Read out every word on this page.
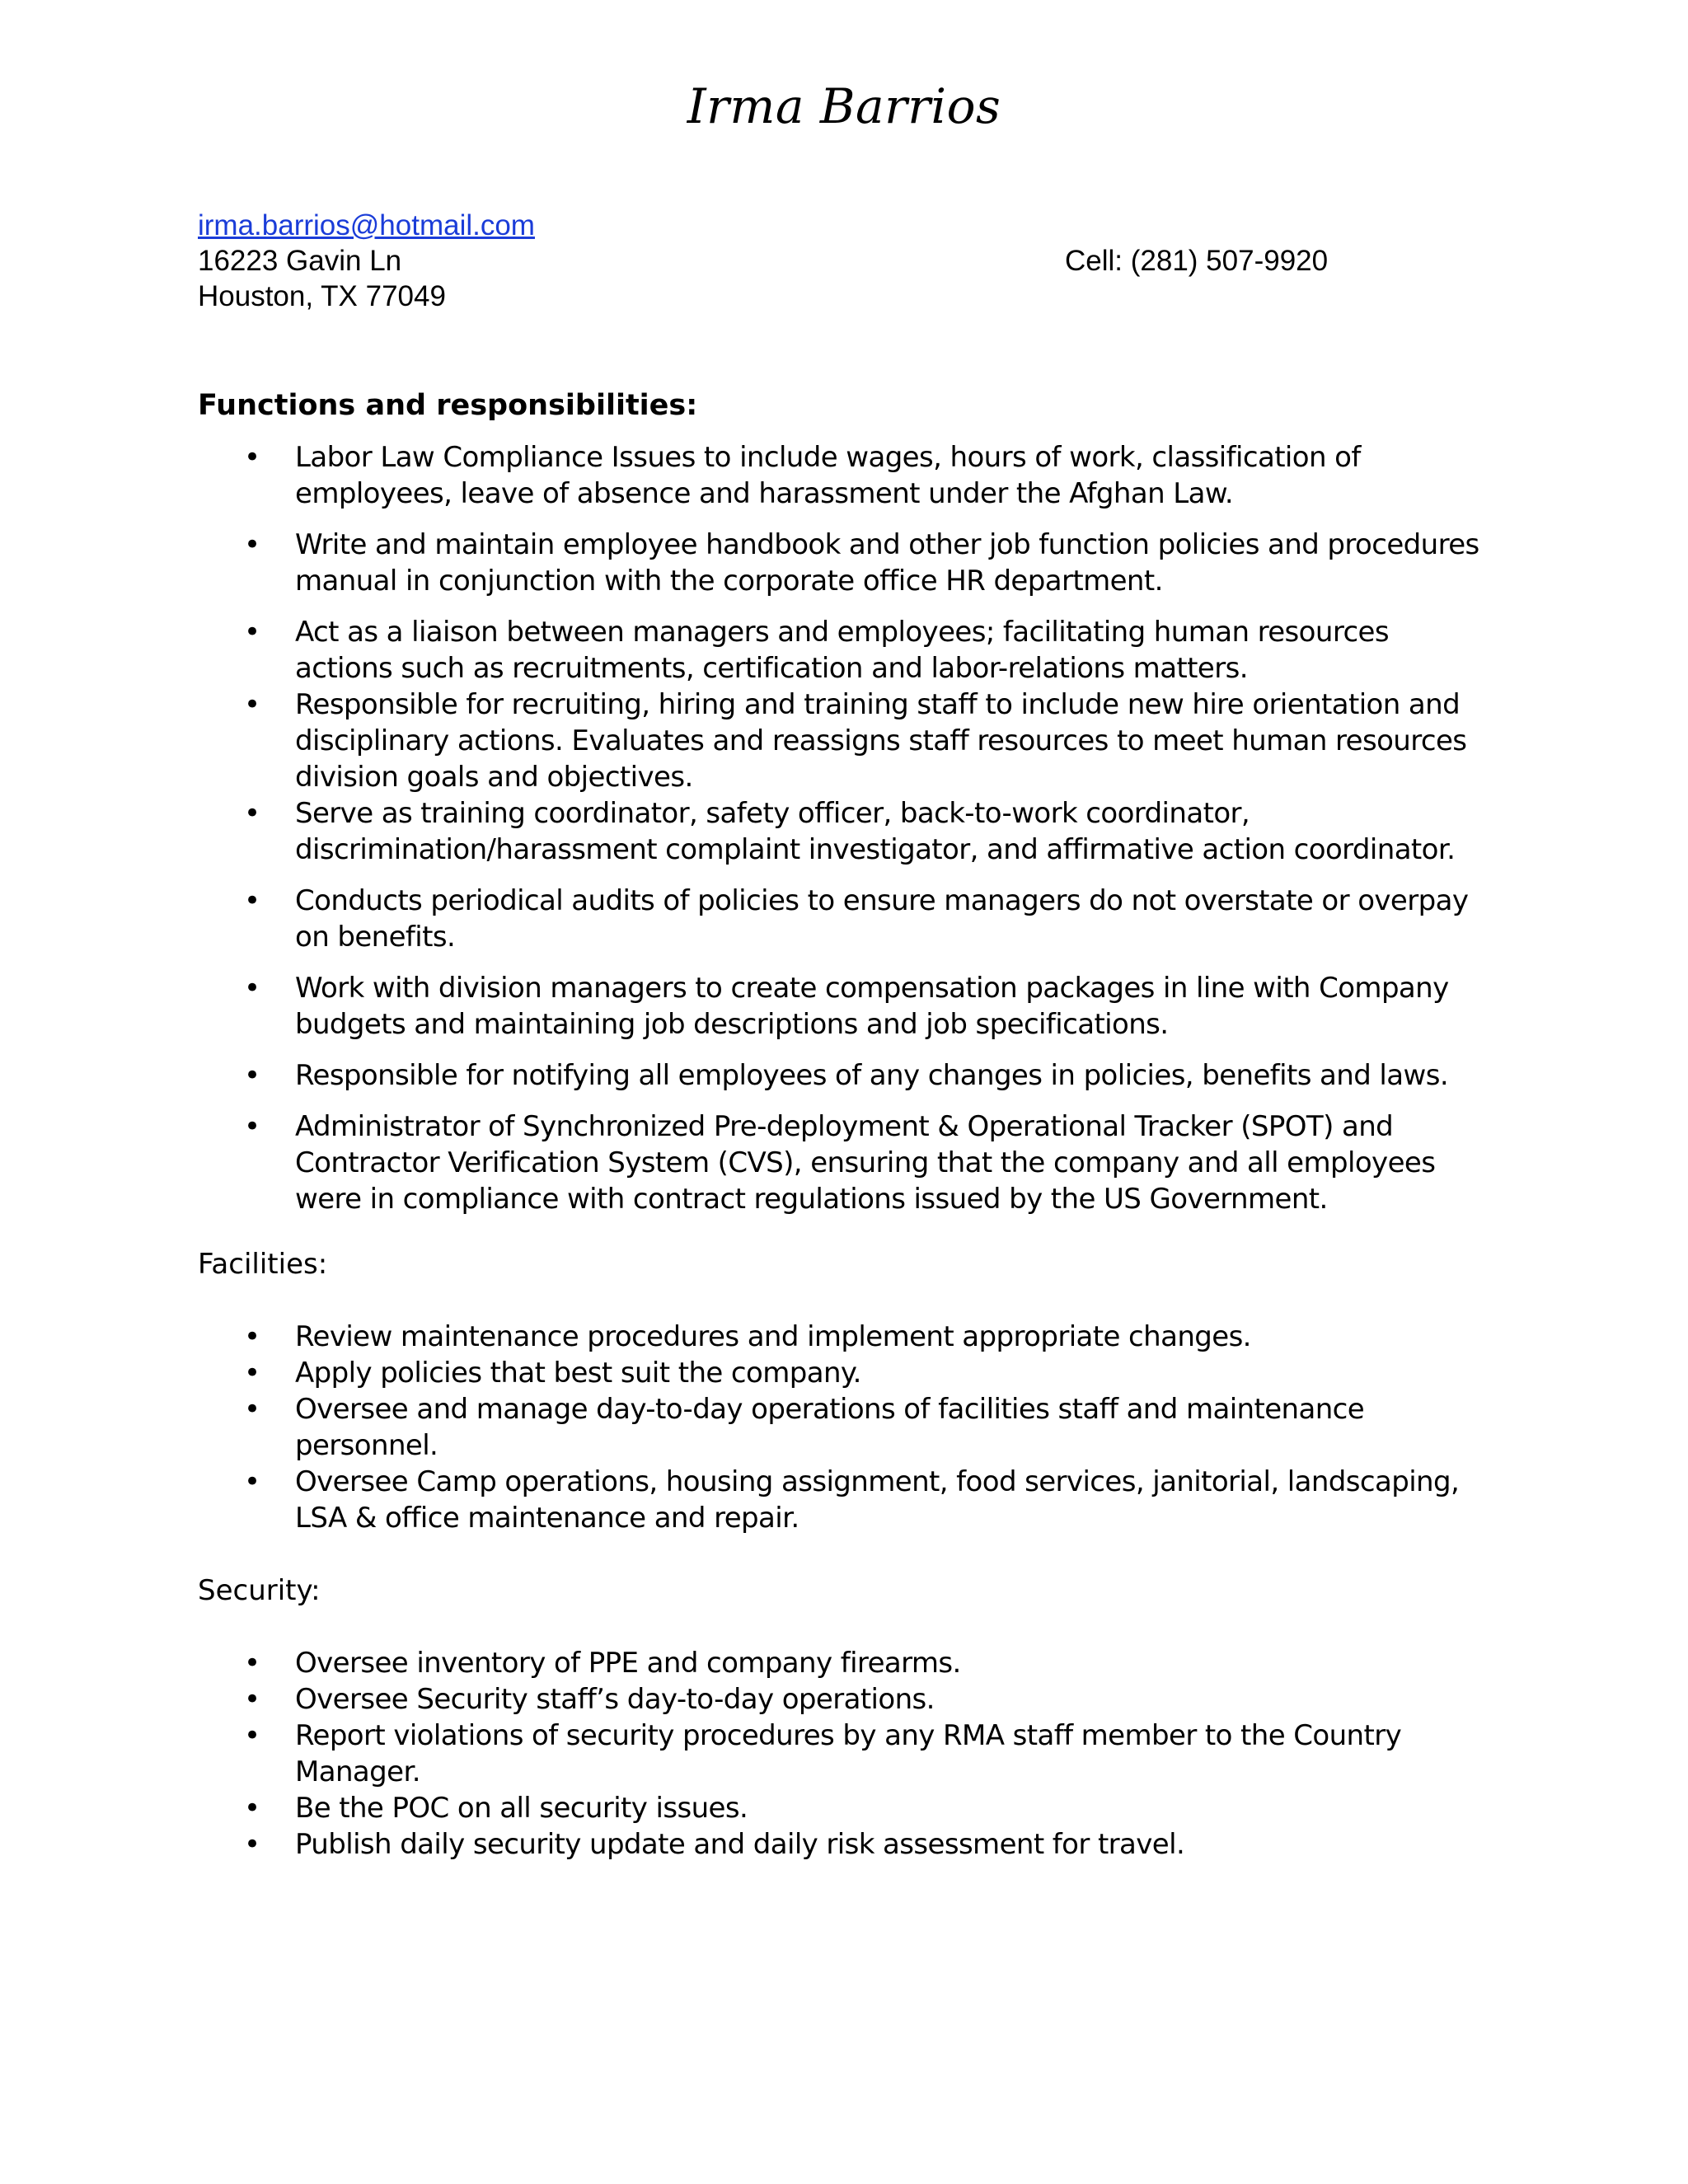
Irma Barrios
irma.barrios@hotmail.com
16223 Gavin Ln	Cell: (281) 507-9920
Houston, TX 77049
Functions and responsibilities:
• Labor Law Compliance Issues to include wages, hours of work, classification of employees, leave of absence and harassment under the Afghan Law.
• Write and maintain employee handbook and other job function policies and procedures manual in conjunction with the corporate office HR department.
• Act as a liaison between managers and employees; facilitating human resources actions such as recruitments, certification and labor-relations matters.
• Responsible for recruiting, hiring and training staff to include new hire orientation and disciplinary actions. Evaluates and reassigns staff resources to meet human resources division goals and objectives.
• Serve as training coordinator, safety officer, back-to-work coordinator, discrimination/harassment complaint investigator, and affirmative action coordinator.
• Conducts periodical audits of policies to ensure managers do not overstate or overpay on benefits.
• Work with division managers to create compensation packages in line with Company budgets and maintaining job descriptions and job specifications.
• Responsible for notifying all employees of any changes in policies, benefits and laws.
• Administrator of Synchronized Pre-deployment & Operational Tracker (SPOT) and Contractor Verification System (CVS), ensuring that the company and all employees were in compliance with contract regulations issued by the US Government.
Facilities:
• Review maintenance procedures and implement appropriate changes.
• Apply policies that best suit the company.
• Oversee and manage day-to-day operations of facilities staff and maintenance personnel.
• Oversee Camp operations, housing assignment, food services, janitorial, landscaping, LSA & office maintenance and repair.
Security:
• Oversee inventory of PPE and company firearms.
• Oversee Security staff’s day-to-day operations.
• Report violations of security procedures by any RMA staff member to the Country Manager.
• Be the POC on all security issues.
• Publish daily security update and daily risk assessment for travel.
